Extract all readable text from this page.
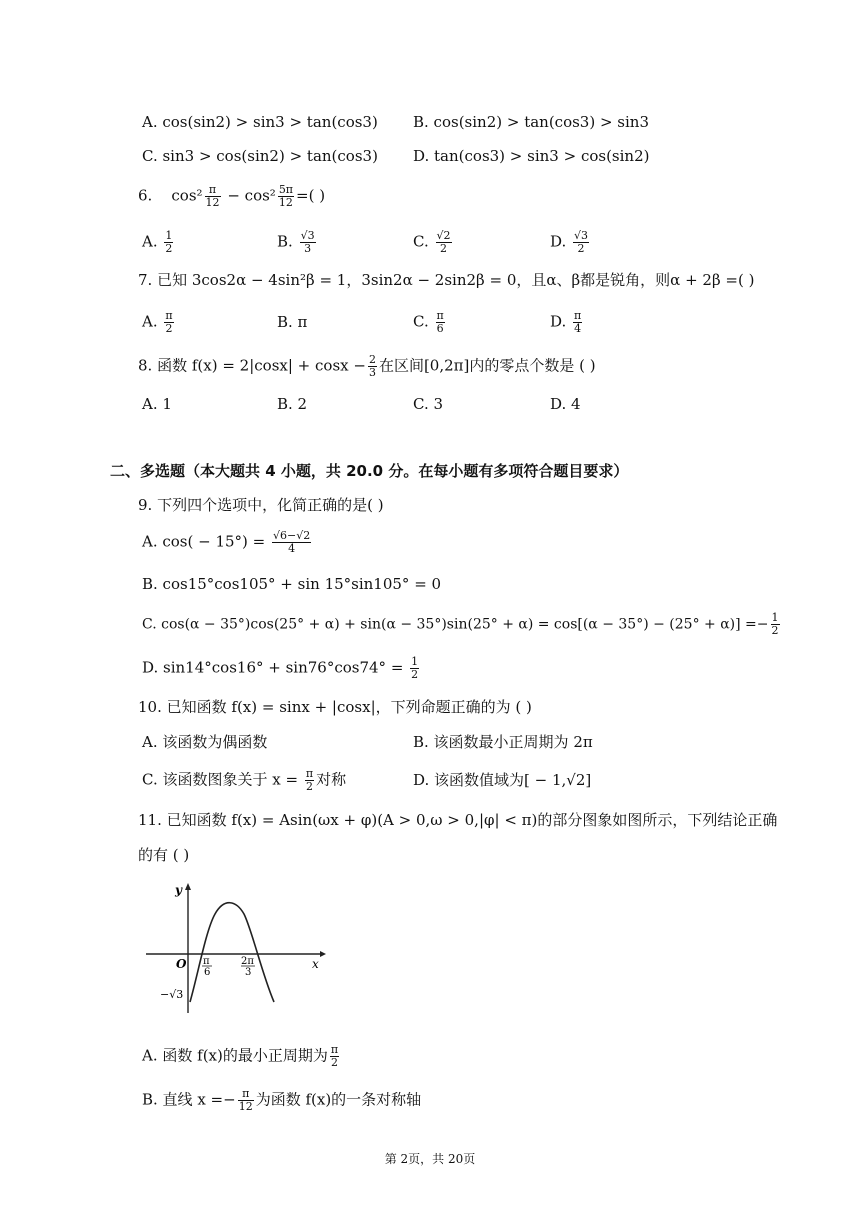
A. cos(sin2) > sin3 > tan(cos3) B. cos(sin2) > tan(cos3) > sin3
C. sin3 > cos(sin2) > tan(cos3) D. tan(cos3) > sin3 > cos(sin2)
6. $\cos^2 \frac{\pi}{12} - \cos^2 \frac{5\pi}{12}$ =( )
A. $\frac{1}{2}$	B. $\frac{√3}{3}$	C. $\frac{√2}{2}$	D. $\frac{√3}{2}$
7. 已知 3cos2α − 4sin²β = 1，3sin2α − 2sin2β = 0，且α、β都是锐角，则α + 2β =( )
A. $\frac{\pi}{2}$	B. π	C. $\frac{\pi}{6}$	D. $\frac{\pi}{4}$
8. 函数 $f(x) = 2|\cos x| + \cos x - \frac{2}{3}$ 在区间[0,2π]内的零点个数是 ( )
A. 1	B. 2	C. 3	D. 4
二、多选题（本大题共 4 小题，共 20.0 分。在每小题有多项符合题目要求）
9. 下列四个选项中，化简正确的是( )
A. $\cos( - 15^\circ) = \frac{√6-√2}{4}$
B. cos15°cos105° + sin 15°sin105° = 0
C. $\cos(\alpha - 35^\circ)\cos(25^\circ + \alpha) + \sin(\alpha - 35^\circ)\sin(25^\circ + \alpha) = \cos[(\alpha - 35^\circ) - (25^\circ + \alpha)] =- \frac{1}{2}$
D. $\sin 14^\circ\cos 16^\circ + \sin 76^\circ\cos 74^\circ = \frac{1}{2}$
10. 已知函数 f(x) = sinx + |cosx|，下列命题正确的为 ( )
A. 该函数为偶函数	B. 该函数最小正周期为 2π
C. 该函数图象关于 $x = \frac{\pi}{2}$ 对称	D. 该函数值域为[ − 1,√2]
11. 已知函数 f(x) = Asin(ωx + φ)(A > 0,ω > 0,|φ| < π)的部分图象如图所示，下列结论正确
的有 ( )
y
x
O π
6
2π
3
−√3
A. 函数 f(x)的最小正周期为 $\frac{\pi}{2}$
B. 直线 $x =- \frac{\pi}{12}$ 为函数 f(x)的一条对称轴
第 2页，共 20页
